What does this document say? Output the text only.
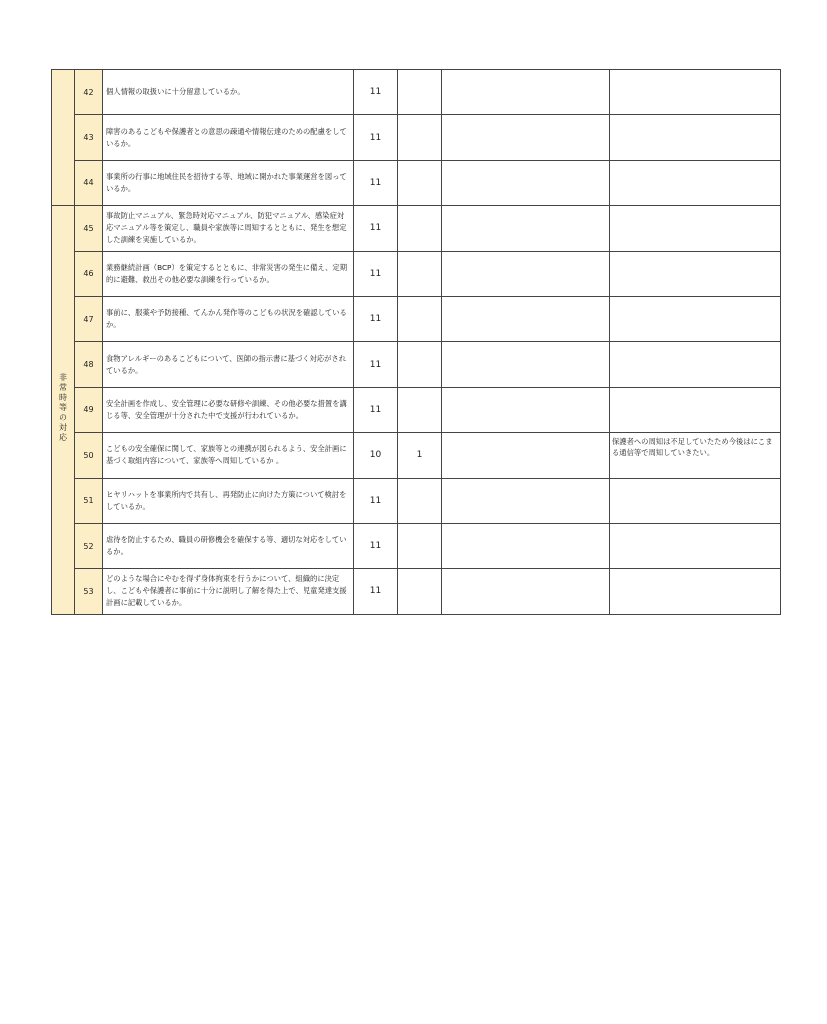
	42	個人情報の取扱いに十分留意しているか。	11			
	43	障害のあるこどもや保護者との意思の疎通や情報伝達のための配慮をしているか。	11			
	44	事業所の行事に地域住民を招待する等、地域に開かれた事業運営を図っているか。	11			
非常時等の対応	45	事故防止マニュアル、緊急時対応マニュアル、防犯マニュアル、感染症対応マニュアル等を策定し、職員や家族等に周知するとともに、発生を想定した訓練を実施しているか。	11			
	46	業務継続計画（BCP）を策定するとともに、非常災害の発生に備え、定期的に避難、救出その他必要な訓練を行っているか。	11			
	47	事前に、服薬や予防接種、てんかん発作等のこどもの状況を確認しているか。	11			
	48	食物アレルギーのあるこどもについて、医師の指示書に基づく対応がされているか。	11			
	49	安全計画を作成し、安全管理に必要な研修や訓練、その他必要な措置を講じる等、安全管理が十分された中で支援が行われているか。	11			
	50	こどもの安全確保に関して、家族等との連携が図られるよう、安全計画に基づく取組内容について、家族等へ周知しているか 。	10	1		保護者への周知は不足していたため今後はにこまる通信等で周知していきたい。
	51	ヒヤリハットを事業所内で共有し、再発防止に向けた方策について検討をしているか。	11			
	52	虐待を防止するため、職員の研修機会を確保する等、適切な対応をしているか。	11			
	53	どのような場合にやむを得ず身体拘束を行うかについて、組織的に決定し、こどもや保護者に事前に十分に説明し了解を得た上で、児童発達支援計画に記載しているか。	11			
